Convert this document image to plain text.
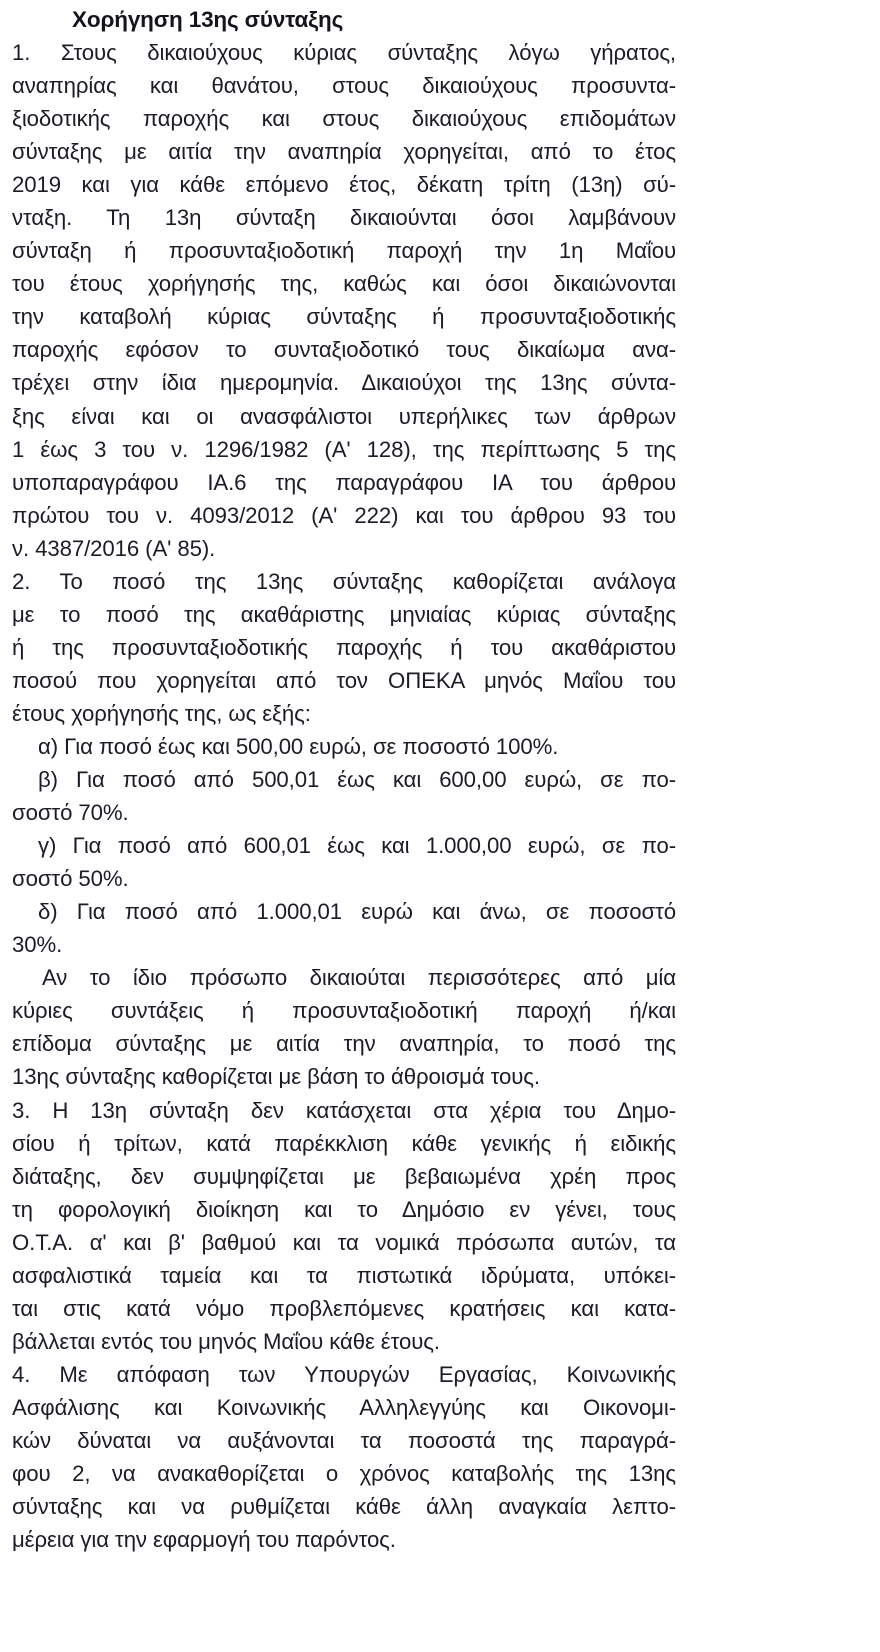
Χορήγηση 13ης σύνταξης
1. Στους δικαιούχους κύριας σύνταξης λόγω γήρατος,
αναπηρίας και θανάτου, στους δικαιούχους προσυντα-
ξιοδοτικής παροχής και στους δικαιούχους επιδομάτων
σύνταξης με αιτία την αναπηρία χορηγείται, από το έτος
2019 και για κάθε επόμενο έτος, δέκατη τρίτη (13η) σύ-
νταξη. Τη 13η σύνταξη δικαιούνται όσοι λαμβάνουν
σύνταξη ή προσυνταξιοδοτική παροχή την 1η Μαΐου
του έτους χορήγησής της, καθώς και όσοι δικαιώνονται
την καταβολή κύριας σύνταξης ή προσυνταξιοδοτικής
παροχής εφόσον το συνταξιοδοτικό τους δικαίωμα ανα-
τρέχει στην ίδια ημερομηνία. Δικαιούχοι της 13ης σύντα-
ξης είναι και οι ανασφάλιστοι υπερήλικες των άρθρων
1 έως 3 του ν. 1296/1982 (Α' 128), της περίπτωσης 5 της
υποπαραγράφου ΙΑ.6 της παραγράφου ΙΑ του άρθρου
πρώτου του ν. 4093/2012 (Α' 222) και του άρθρου 93 του
ν. 4387/2016 (Α' 85).
2. Το ποσό της 13ης σύνταξης καθορίζεται ανάλογα
με το ποσό της ακαθάριστης μηνιαίας κύριας σύνταξης
ή της προσυνταξιοδοτικής παροχής ή του ακαθάριστου
ποσού που χορηγείται από τον ΟΠΕΚΑ μηνός Μαΐου του
έτους χορήγησής της, ως εξής:
α) Για ποσό έως και 500,00 ευρώ, σε ποσοστό 100%.
β) Για ποσό από 500,01 έως και 600,00 ευρώ, σε πο-
σοστό 70%.
γ) Για ποσό από 600,01 έως και 1.000,00 ευρώ, σε πο-
σοστό 50%.
δ) Για ποσό από 1.000,01 ευρώ και άνω, σε ποσοστό
30%.
Αν το ίδιο πρόσωπο δικαιούται περισσότερες από μία
κύριες συντάξεις ή προσυνταξιοδοτική παροχή ή/και
επίδομα σύνταξης με αιτία την αναπηρία, το ποσό της
13ης σύνταξης καθορίζεται με βάση το άθροισμά τους.
3. Η 13η σύνταξη δεν κατάσχεται στα χέρια του Δημο-
σίου ή τρίτων, κατά παρέκκλιση κάθε γενικής ή ειδικής
διάταξης, δεν συμψηφίζεται με βεβαιωμένα χρέη προς
τη φορολογική διοίκηση και το Δημόσιο εν γένει, τους
Ο.Τ.Α. α' και β' βαθμού και τα νομικά πρόσωπα αυτών, τα
ασφαλιστικά ταμεία και τα πιστωτικά ιδρύματα, υπόκει-
ται στις κατά νόμο προβλεπόμενες κρατήσεις και κατα-
βάλλεται εντός του μηνός Μαΐου κάθε έτους.
4. Με απόφαση των Υπουργών Εργασίας, Κοινωνικής
Ασφάλισης και Κοινωνικής Αλληλεγγύης και Οικονομι-
κών δύναται να αυξάνονται τα ποσοστά της παραγρά-
φου 2, να ανακαθορίζεται ο χρόνος καταβολής της 13ης
σύνταξης και να ρυθμίζεται κάθε άλλη αναγκαία λεπτο-
μέρεια για την εφαρμογή του παρόντος.
